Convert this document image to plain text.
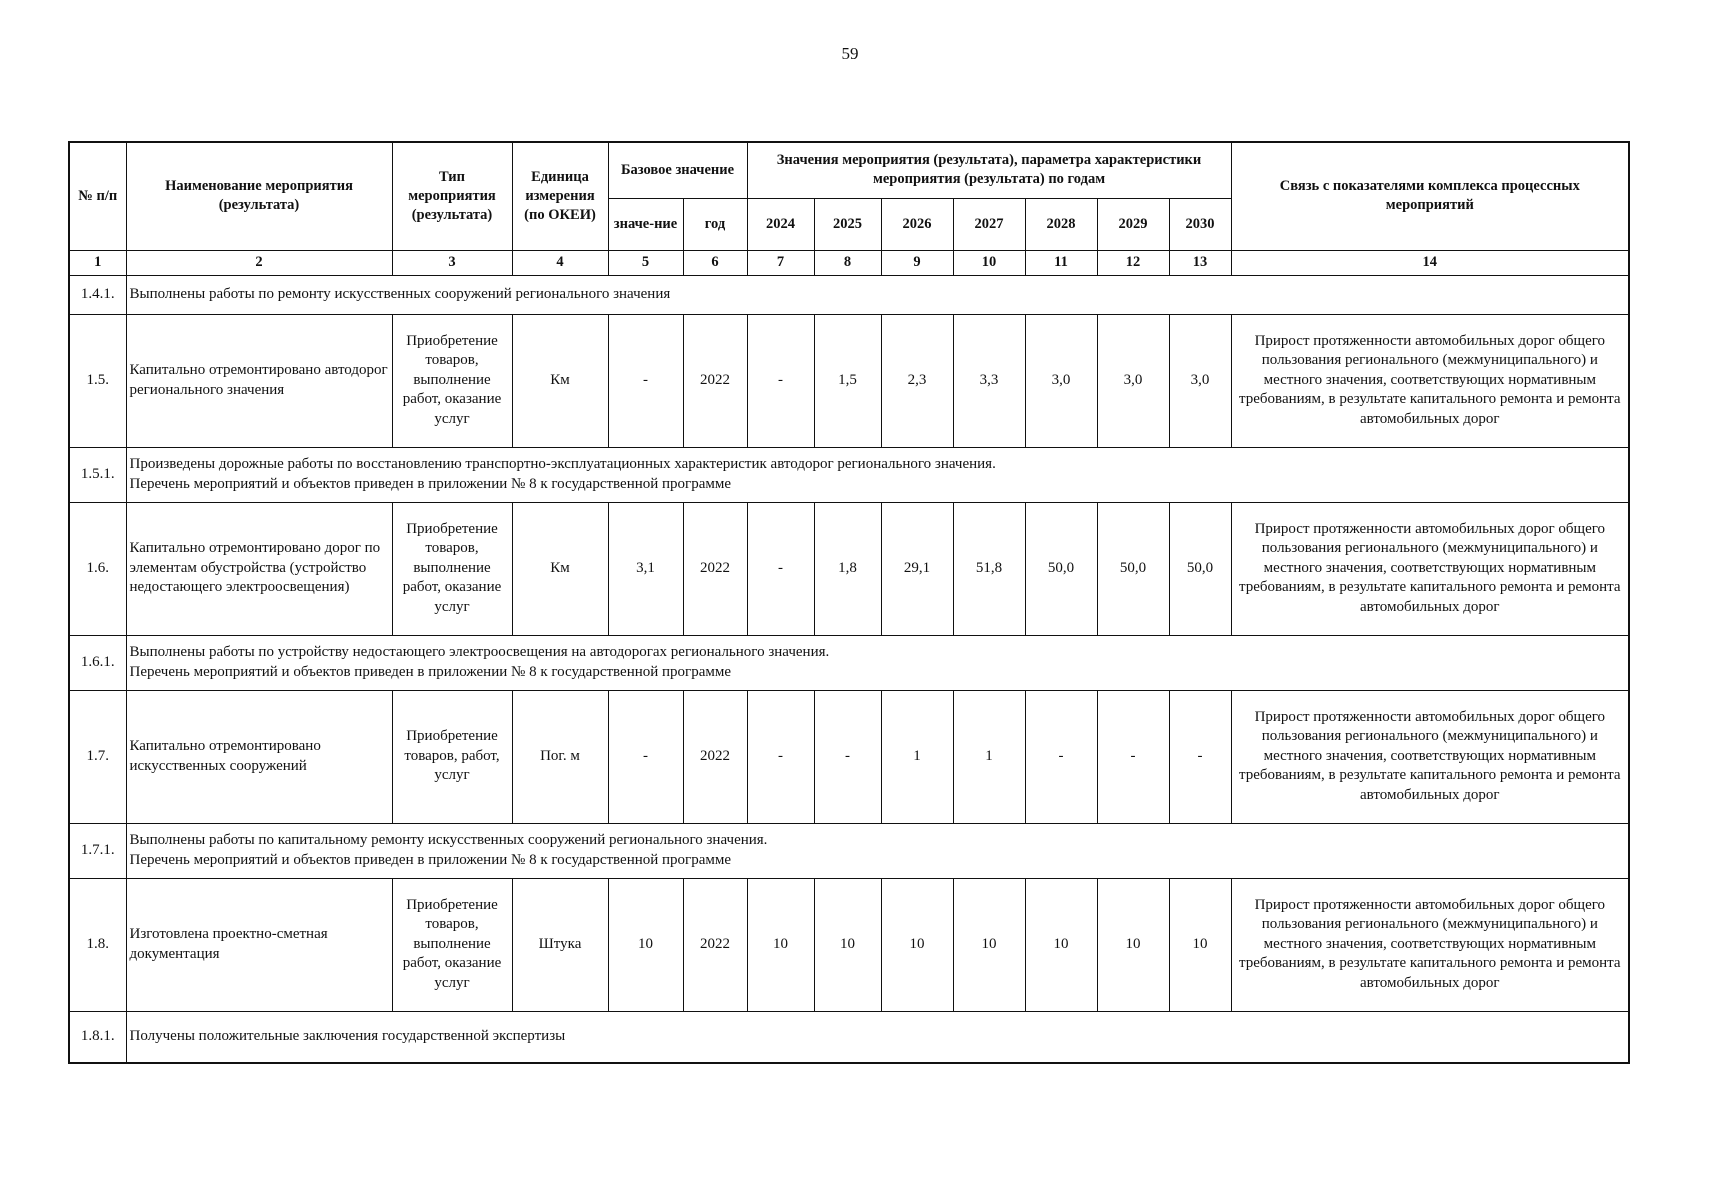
59
№ п/п	Наименование мероприятия (результата)	Тип мероприятия (результата)	Единица измерения (по ОКЕИ)	Базовое значение		Значения мероприятия (результата), параметра характеристики мероприятия (результата) по годам							Связь с показателями комплекса процессных мероприятий
				значе-ние	год	2024	2025	2026	2027	2028	2029	2030	
1	2	3	4	5	6	7	8	9	10	11	12	13	14
1.4.1.	Выполнены работы по ремонту искусственных сооружений регионального значения												
1.5.	Капитально отремонтировано автодорог регионального значения	Приобретение товаров, выполнение работ, оказание услуг	Км	-	2022	-	1,5	2,3	3,3	3,0	3,0	3,0	Прирост протяженности автомобильных дорог общего пользования регионального (межмуниципального) и местного значения, соответствующих нормативным требованиям, в результате капитального ремонта и ремонта автомобильных дорог
1.5.1.	Произведены дорожные работы по восстановлению транспортно-эксплуатационных характеристик автодорог регионального значения.
Перечень мероприятий и объектов приведен в приложении № 8 к государственной программе												

1.6.	Капитально отремонтировано дорог по элементам обустройства (устройство недостающего электроосвещения)	Приобретение товаров, выполнение работ, оказание услуг	Км	3,1	2022	-	1,8	29,1	51,8	50,0	50,0	50,0	Прирост протяженности автомобильных дорог общего пользования регионального (межмуниципального) и местного значения, соответствующих нормативным требованиям, в результате капитального ремонта и ремонта автомобильных дорог
1.6.1.	Выполнены работы по устройству недостающего электроосвещения на автодорогах регионального значения.
Перечень мероприятий и объектов приведен в приложении № 8 к государственной программе												

1.7.	Капитально отремонтировано искусственных сооружений	Приобретение товаров, работ, услуг	Пог. м	-	2022	-	-	1	1	-	-	-	Прирост протяженности автомобильных дорог общего пользования регионального (межмуниципального) и местного значения, соответствующих нормативным требованиям, в результате капитального ремонта и ремонта автомобильных дорог
1.7.1.	Выполнены работы по капитальному ремонту искусственных сооружений регионального значения.
Перечень мероприятий и объектов приведен в приложении № 8 к государственной программе												

1.8.	Изготовлена проектно-сметная документация	Приобретение товаров, выполнение работ, оказание услуг	Штука	10	2022	10	10	10	10	10	10	10	Прирост протяженности автомобильных дорог общего пользования регионального (межмуниципального) и местного значения, соответствующих нормативным требованиям, в результате капитального ремонта и ремонта автомобильных дорог
1.8.1.	Получены положительные заключения государственной экспертизы												
